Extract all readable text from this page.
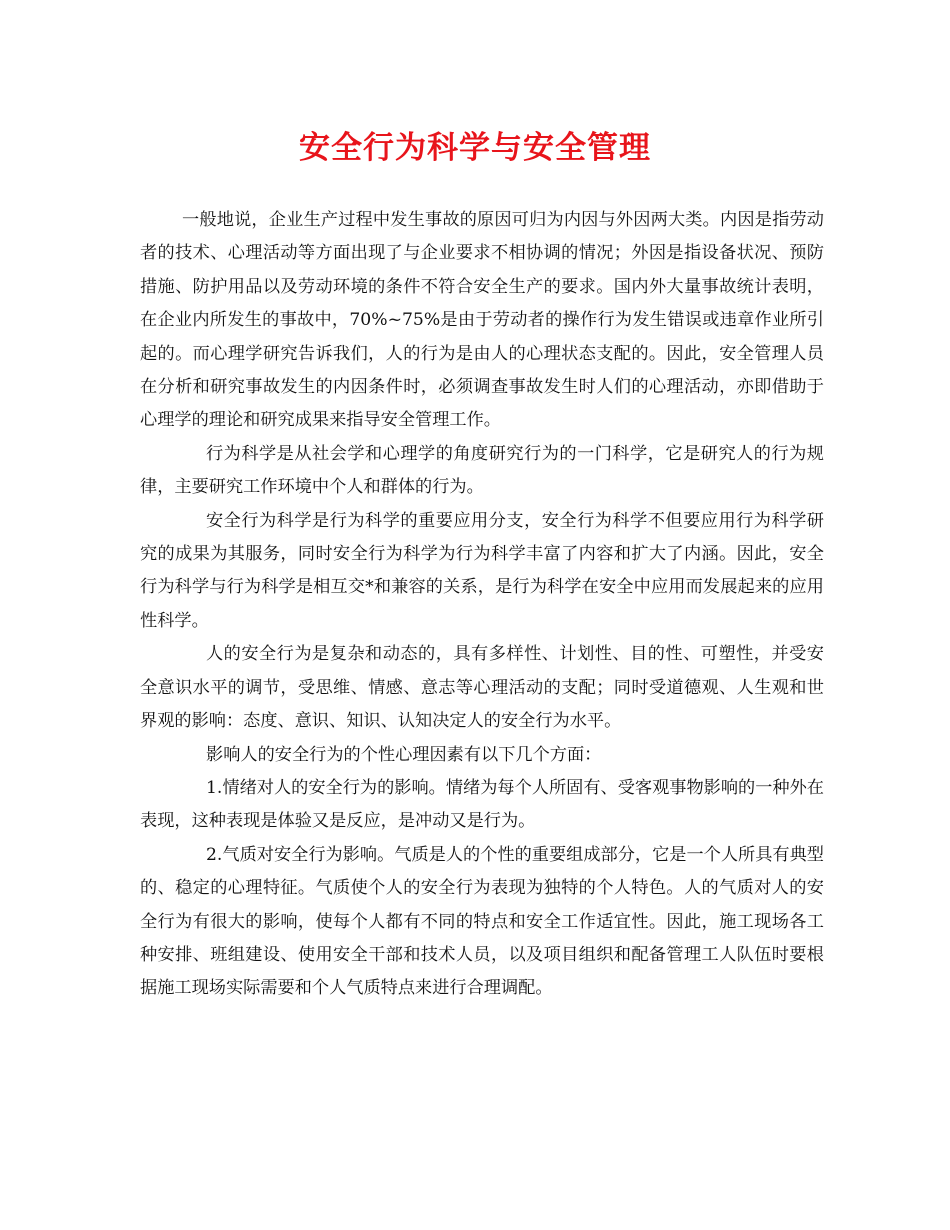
安全行为科学与安全管理

一般地说，企业生产过程中发生事故的原因可归为内因与外因两大类。内因是指劳动者的技术、心理活动等方面出现了与企业要求不相协调的情况；外因是指设备状况、预防措施、防护用品以及劳动环境的条件不符合安全生产的要求。国内外大量事故统计表明，在企业内所发生的事故中，70%~75%是由于劳动者的操作行为发生错误或违章作业所引起的。而心理学研究告诉我们，人的行为是由人的心理状态支配的。因此，安全管理人员在分析和研究事故发生的内因条件时，必须调查事故发生时人们的心理活动，亦即借助于心理学的理论和研究成果来指导安全管理工作。

行为科学是从社会学和心理学的角度研究行为的一门科学，它是研究人的行为规律，主要研究工作环境中个人和群体的行为。

安全行为科学是行为科学的重要应用分支，安全行为科学不但要应用行为科学研究的成果为其服务，同时安全行为科学为行为科学丰富了内容和扩大了内涵。因此，安全行为科学与行为科学是相互交*和兼容的关系，是行为科学在安全中应用而发展起来的应用性科学。

人的安全行为是复杂和动态的，具有多样性、计划性、目的性、可塑性，并受安全意识水平的调节，受思维、情感、意志等心理活动的支配；同时受道德观、人生观和世界观的影响：态度、意识、知识、认知决定人的安全行为水平。

影响人的安全行为的个性心理因素有以下几个方面：

1.情绪对人的安全行为的影响。情绪为每个人所固有、受客观事物影响的一种外在表现，这种表现是体验又是反应，是冲动又是行为。

2.气质对安全行为影响。气质是人的个性的重要组成部分，它是一个人所具有典型的、稳定的心理特征。气质使个人的安全行为表现为独特的个人特色。人的气质对人的安全行为有很大的影响，使每个人都有不同的特点和安全工作适宜性。因此，施工现场各工种安排、班组建设、使用安全干部和技术人员，以及项目组织和配备管理工人队伍时要根据施工现场实际需要和个人气质特点来进行合理调配。
